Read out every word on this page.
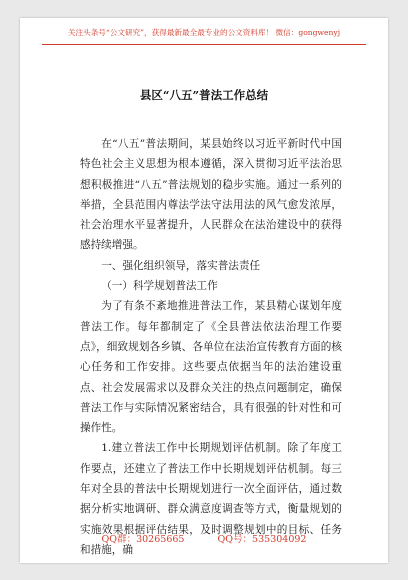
关注头条号“公文研究”，获得最新最全最专业的公文资料库！ 微信：gongwenyj
县区“八五”普法工作总结

在“八五”普法期间，某县始终以习近平新时代中国特色社会主义思想为根本遵循，深入贯彻习近平法治思想积极推进“八五”普法规划的稳步实施。通过一系列的举措，全县范围内尊法学法守法用法的风气愈发浓厚，社会治理水平显著提升，人民群众在法治建设中的获得感持续增强。

一、强化组织领导，落实普法责任

（一）科学规划普法工作

为了有条不紊地推进普法工作，某县精心谋划年度普法工作。每年都制定了《全县普法依法治理工作要点》，细致规划各乡镇、各单位在法治宣传教育方面的核心任务和工作安排。这些要点依据当年的法治建设重点、社会发展需求以及群众关注的热点问题制定，确保普法工作与实际情况紧密结合，具有很强的针对性和可操作性。

1.建立普法工作中长期规划评估机制。除了年度工作要点，还建立了普法工作中长期规划评估机制。每三年对全县的普法中长期规划进行一次全面评估，通过数据分析实地调研、群众满意度调查等方式，衡量规划的实施效果根据评估结果，及时调整规划中的目标、任务和措施，确

QQ群：30265665	QQ号：535304092
